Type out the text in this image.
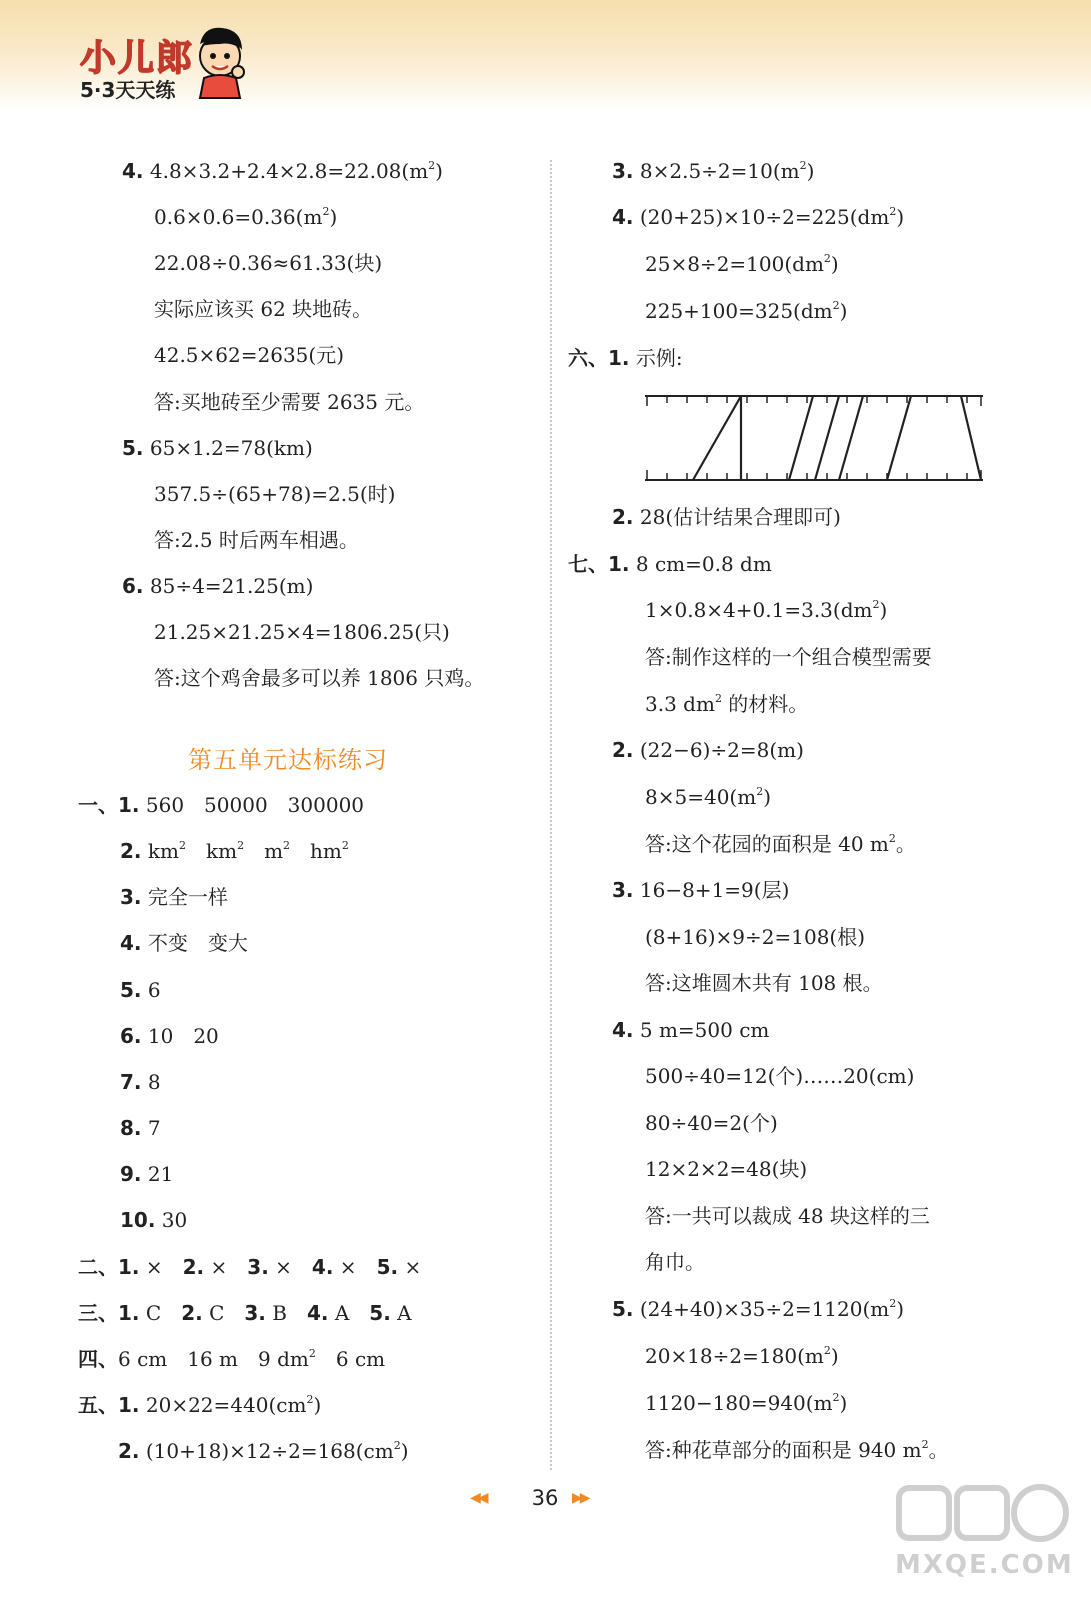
小儿郎
5·3天天练
4. $4.8\times 3.2+2.4\times 2.8=22.08(m^2)$
$0.6\times 0.6=0.36(m^2)$
22.08÷0.36≈61.33(块)
实际应该买 62 块地砖。
42.5×62=2635(元)
答:买地砖至少需要 2635 元。
5. 65×1.2=78(km)
357.5÷(65+78)=2.5(时)
答:2.5 时后两车相遇。
6. 85÷4=21.25(m)
21.25×21.25×4=1806.25(只)
答:这个鸡舍最多可以养 1806 只鸡。
第五单元达标练习
一、1. 560　50000　300000
2. $km^2$　 $km^2$　 $m^2$　 $hm^2$
3. 完全一样
4. 不变　变大
5. 6
6. 10　20
7. 8
8. 7
9. 21
10. 30
二、1. ×　 2. ×　 3. ×　 4. ×　 5. ×
三、1. C　 2. C　 3. B　 4. A　 5. A
四、6 cm　16 m　9 $dm^2$　6 cm
五、1. $20\times 22=440(cm^2)$
2. $(10+18)\times 12\div 2=168(cm^2)$
3. $8\times 2.5\div 2=10(m^2)$
4. $(20+25)\times 10\div 2=225(dm^2)$
$25\times 8\div 2=100(dm^2)$
$225+100=325(dm^2)$
六、1. 示例:
2. 28(估计结果合理即可)
七、1. 8 cm=0.8 dm
$1\times 0.8\times 4+0.1=3.3(dm^2)$
答:制作这样的一个组合模型需要
3.3 $dm^2$ 的材料。
2. (22−6)÷2=8(m)
$8\times 5=40(m^2)$
答:这个花园的面积是 40 $m^2$。
3. 16−8+1=9(层)
(8+16)×9÷2=108(根)
答:这堆圆木共有 108 根。
4. 5 m=500 cm
500÷40=12(个)……20(cm)
80÷40=2(个)
12×2×2=48(块)
答:一共可以裁成 48 块这样的三
角巾。
5. $(24+40)\times 35\div 2=1120(m^2)$
$20\times 18\div 2=180(m^2)$
$1120-180=940(m^2)$
答:种花草部分的面积是 940 $m^2$。
◀◀	36 ▶▶
MXQE.COM
